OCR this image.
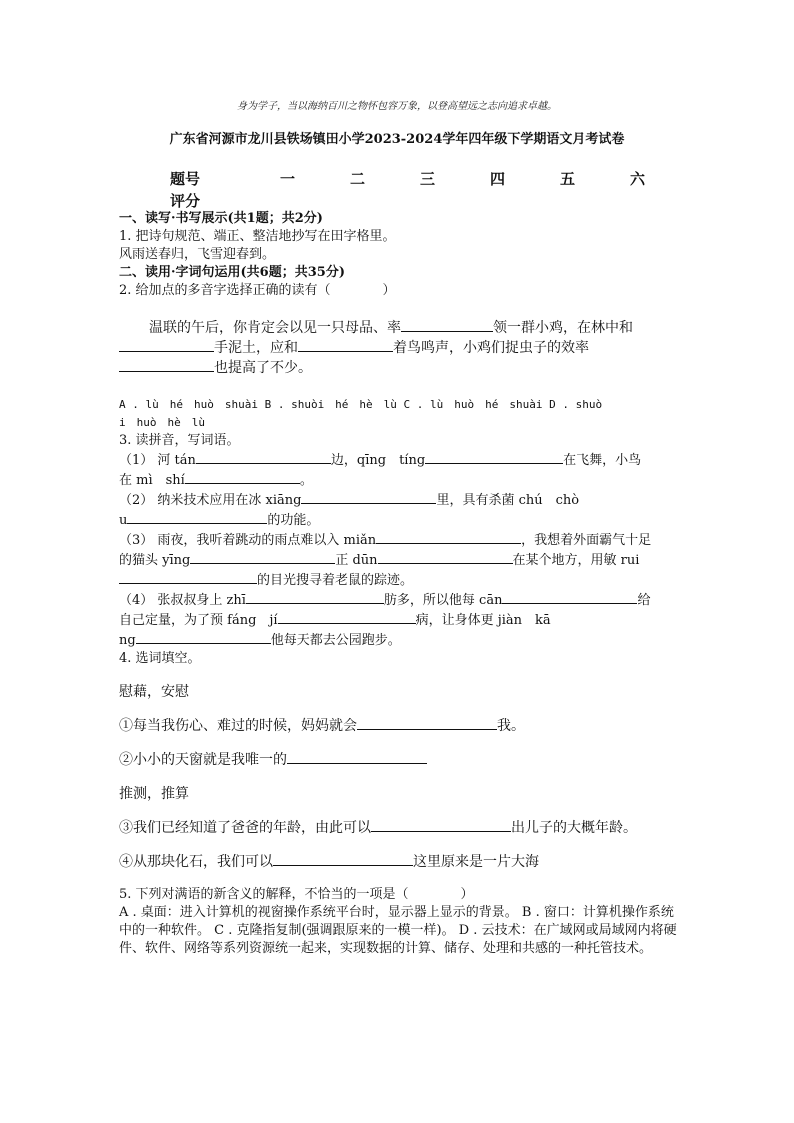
身为学子，当以海纳百川之物怀包容万象，以登高望远之志向追求卓越。
广东省河源市龙川县铁场镇田小学2023-2024学年四年级下学期语文月考试卷
题号	一	二	三	四	五	六
评分

一、读写·书写展示(共1题；共2分)

1. 把诗句规范、端正、整洁地抄写在田字格里。

风雨送春归，飞雪迎春到。

二、读用·字词句运用(共6题；共35分)

2. 给加点的多音字选择正确的读有（　　　　）

温联的午后，你肯定会以见一只母品、率	领一群小鸡，在林中和

手泥土，应和	着鸟鸣声，小鸡们捉虫子的效率

也提高了不少。

A . lù　hé　huò　shuài B . shuòi　hé　hè　lù C . lù　huò　hé　shuài D . shuò

i　huò　hè　lù

3. 读拼音，写词语。

（1） 河 tán	边，qīng　tíng	在飞舞，小鸟

在 mì　shí	。

（2） 纳米技术应用在冰 xiāng	里，具有杀菌 chú　chò

u	的功能。

（3） 雨夜，我听着跳动的雨点难以入 miǎn	，我想着外面霸气十足

的猫头 yīng	正 dūn	在某个地方，用敏 rui

的目光搜寻着老鼠的踪迹。

（4） 张叔叔身上 zhī	肪多，所以他每 cān	给

自己定量，为了预 fáng　jí	病，让身体更 jiàn　kā

ng	他每天都去公园跑步。

4. 选词填空。

慰藉，安慰

①每当我伤心、难过的时候，妈妈就会	我。

②小小的天窗就是我唯一的

推测，推算

③我们已经知道了爸爸的年龄，由此可以	出儿子的大概年龄。

④从那块化石，我们可以	这里原来是一片大海

5. 下列对满语的新含义的解释，不恰当的一项是（　　　　）

A . 桌面：进入计算机的视窗操作系统平台时，显示器上显示的背景。 B . 窗口：计算机操作系统中的一种软件。 C . 克隆指复制(强调跟原来的一模一样)。 D . 云技术：在广域网或局域网内将硬件、软件、网络等系列资源统一起来，实现数据的计算、储存、处理和共感的一种托管技术。
